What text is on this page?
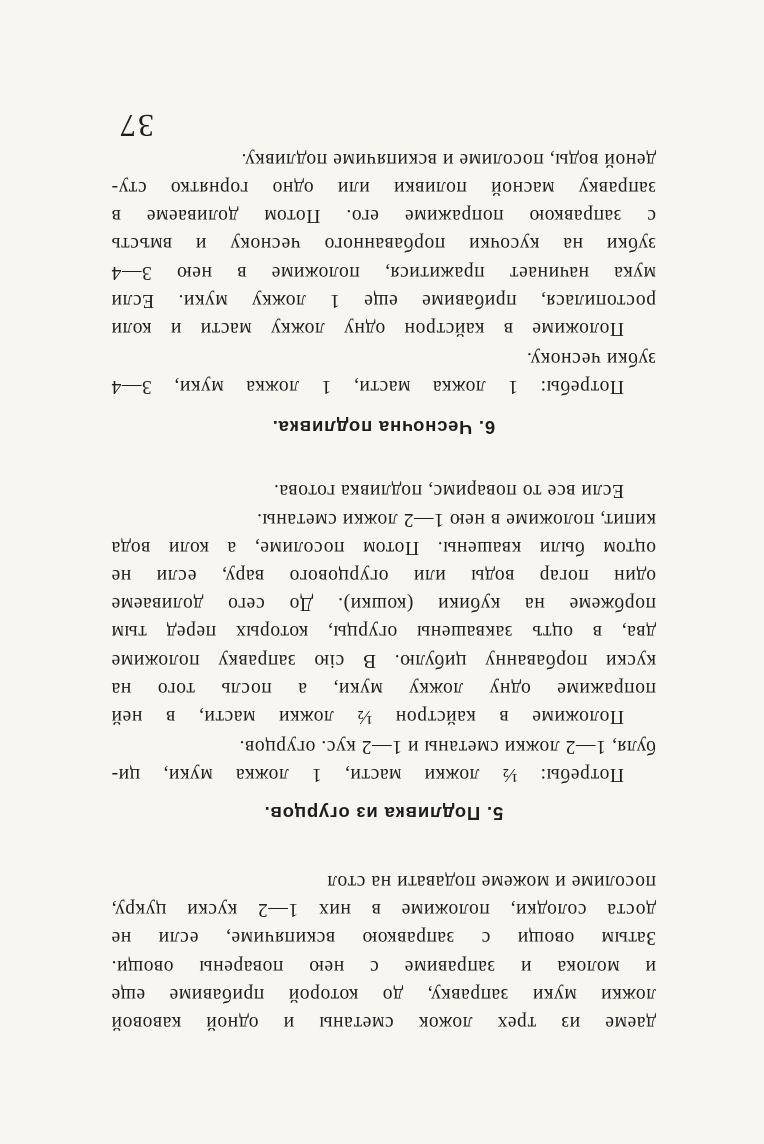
даеме из трех ложок сметаны и одной кавовой
ложки муки заправку, до которой прибавиме еще
и молока и заправиме с нею поварены овощи.
Затым овощи с заправкою вскипячиме, если не
доста солодки, положиме в них 1—2 куски цукру,
посолиме и можеме подавати на стол
5. Подливка из огурцов.
Потребы: ½ ложки масти, 1 ложка муки, ци-
буля, 1—2 ложки сметаны и 1—2 кус. огурцов.
Положиме в кайстрон ½ ложки масти, в ней
попражиме одну ложку муки, а посль того на
куски порбаванну цибулю. В сію заправку положиме
два, в оцтъ заквашены огурцы, которых перед тым
порбжеме на кубики (кошки). До сего доливаеме
один погар воды или огурцового вару, если не
оцтом были квашены. Потом посолиме, а коли вода
кипит, положиме в нею 1—2 ложки сметаны.
Если все то поваримс, подливка готова.
6. Чесночна подливка.
Потребы: 1 ложка масти, 1 ложка муки, 3—4
зубки чесноку.
Положиме в кайстрон одну ложку масти и коли
ростопилася, прибавиме еще 1 ложку муки. Если
мука начинает пражитися, положиме в нею 3—4
зубки на кусочки порбаванного чесноку и вмъсть
с заправкою попражиме его. Потом доливаеме в
заправку масной поливки или одно горнятко сту-
деной воды, посолиме и вскипячиме подливку.
37
